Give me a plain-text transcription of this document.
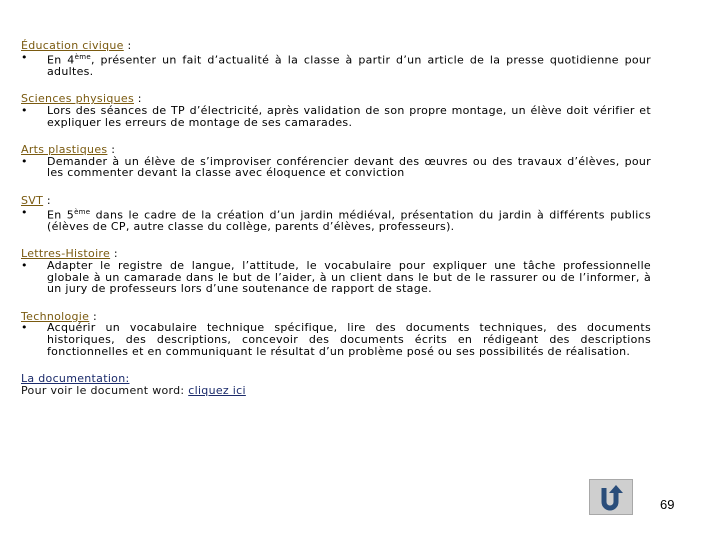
Éducation civique :
•	En 4ème, présenter un fait d’actualité à la classe à partir d’un article de la presse quotidienne pour adultes.
Sciences physiques :
•	Lors des séances de TP d’électricité, après validation de son propre montage, un élève doit vérifier et expliquer les erreurs de montage de ses camarades.
Arts plastiques :
•	Demander à un élève de s’improviser conférencier devant des œuvres ou des travaux d’élèves, pour les commenter devant la classe avec éloquence et conviction
SVT :
•	En 5ème dans le cadre de la création d’un jardin médiéval, présentation du jardin à différents publics (élèves de CP, autre classe du collège, parents d’élèves, professeurs).
Lettres-Histoire :
•	Adapter le registre de langue, l’attitude, le vocabulaire pour expliquer une tâche professionnelle globale à un camarade dans le but de l’aider, à un client dans le but de le rassurer ou de l’informer, à un jury de professeurs lors d’une soutenance de rapport de stage.
Technologie :
•	Acquérir un vocabulaire technique spécifique, lire des documents techniques, des documents historiques, des descriptions, concevoir des documents écrits en rédigeant des descriptions fonctionnelles et en communiquant le résultat d’un problème posé ou ses possibilités de réalisation.
La documentation:
Pour voir le document word: cliquez ici
69
